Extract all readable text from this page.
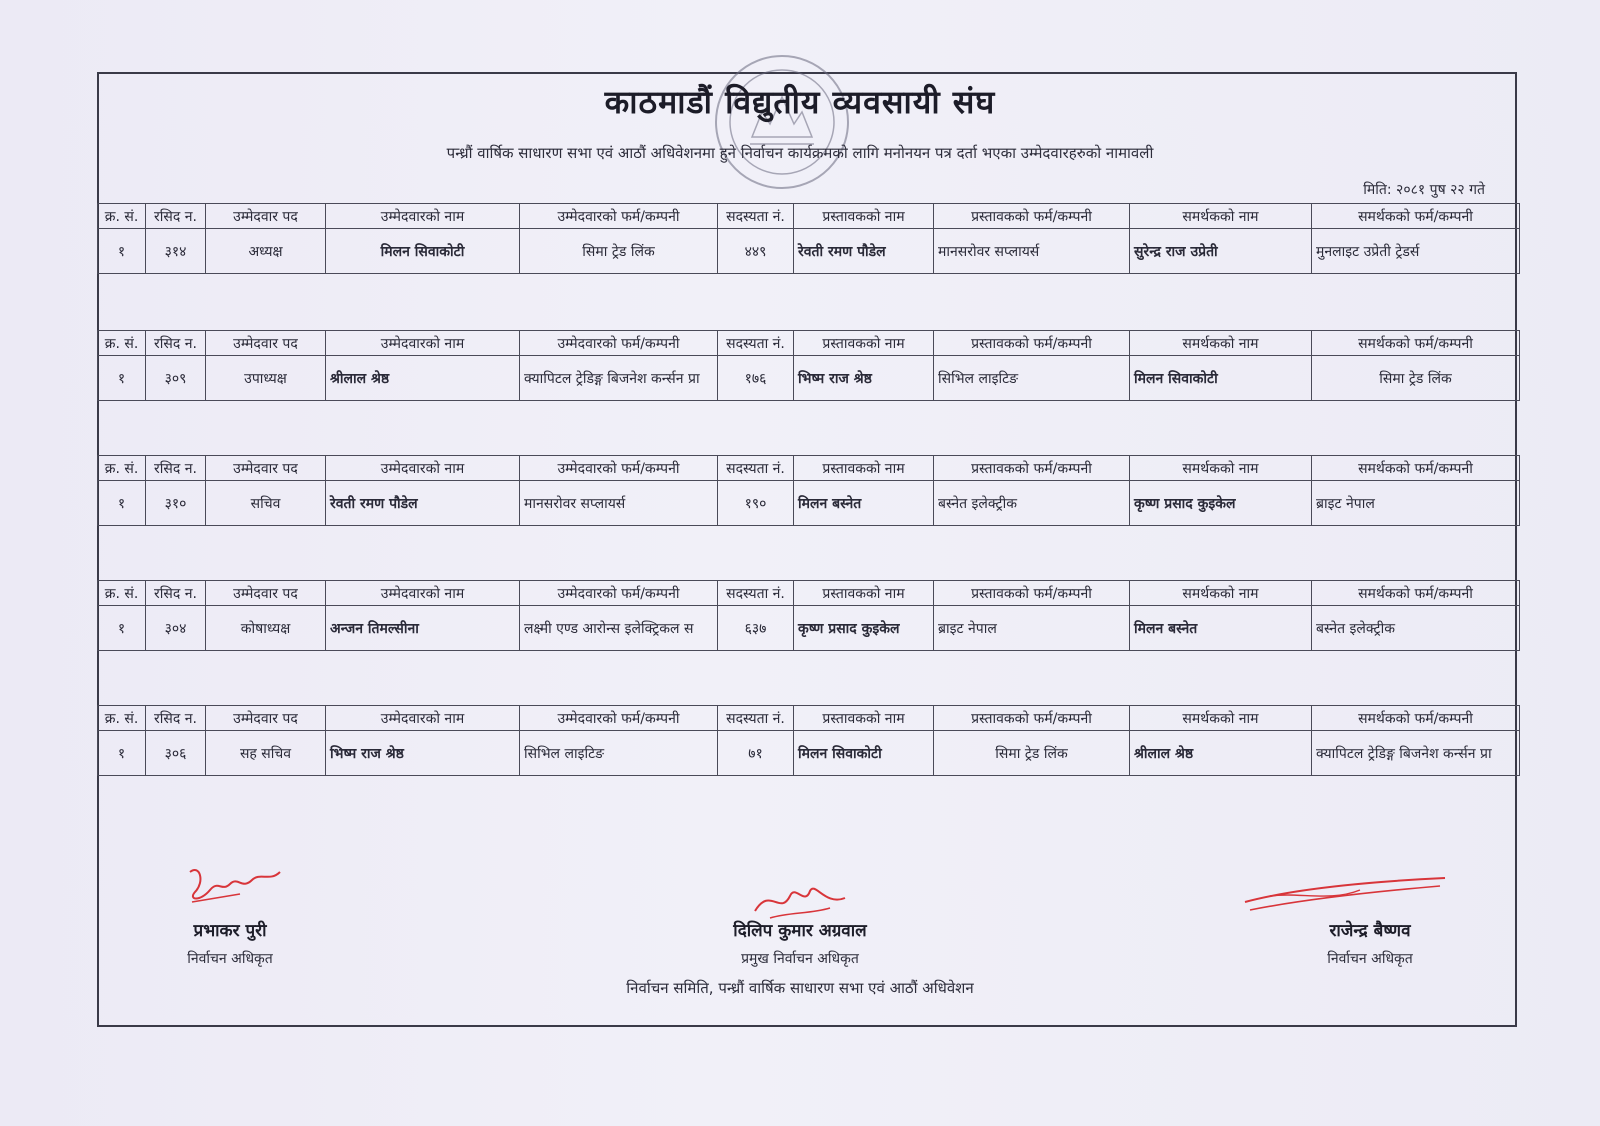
काठमाडौं विद्युतीय व्यवसायी संघ
पन्ध्रौं वार्षिक साधारण सभा एवं आठौं अधिवेशनमा हुने निर्वाचन कार्यक्रमको लागि मनोनयन पत्र दर्ता भएका उम्मेदवारहरुको नामावली
मिति: २०८१ पुष २२ गते
क्र. सं.	रसिद न.	उम्मेदवार पद	उम्मेदवारको नाम	उम्मेदवारको फर्म/कम्पनी	सदस्यता नं.	प्रस्तावकको नाम	प्रस्तावकको फर्म/कम्पनी	समर्थकको नाम	समर्थकको फर्म/कम्पनी
१	३१४	अध्यक्ष	मिलन सिवाकोटी	सिमा ट्रेड लिंक	४४९	रेवती रमण पौडेल	मानसरोवर सप्लायर्स	सुरेन्द्र राज उप्रेती	मुनलाइट उप्रेती ट्रेडर्स
क्र. सं.	रसिद न.	उम्मेदवार पद	उम्मेदवारको नाम	उम्मेदवारको फर्म/कम्पनी	सदस्यता नं.	प्रस्तावकको नाम	प्रस्तावकको फर्म/कम्पनी	समर्थकको नाम	समर्थकको फर्म/कम्पनी
१	३०९	उपाध्यक्ष	श्रीलाल श्रेष्ठ	क्यापिटल ट्रेडिङ्ग बिजनेश कर्न्सन प्रा	१७६	भिष्म राज श्रेष्ठ	सिभिल लाइटिङ	मिलन सिवाकोटी	सिमा ट्रेड लिंक
क्र. सं.	रसिद न.	उम्मेदवार पद	उम्मेदवारको नाम	उम्मेदवारको फर्म/कम्पनी	सदस्यता नं.	प्रस्तावकको नाम	प्रस्तावकको फर्म/कम्पनी	समर्थकको नाम	समर्थकको फर्म/कम्पनी
१	३१०	सचिव	रेवती रमण पौडेल	मानसरोवर सप्लायर्स	१९०	मिलन बस्नेत	बस्नेत इलेक्ट्रीक	कृष्ण प्रसाद कुइकेल	ब्राइट नेपाल
क्र. सं.	रसिद न.	उम्मेदवार पद	उम्मेदवारको नाम	उम्मेदवारको फर्म/कम्पनी	सदस्यता नं.	प्रस्तावकको नाम	प्रस्तावकको फर्म/कम्पनी	समर्थकको नाम	समर्थकको फर्म/कम्पनी
१	३०४	कोषाध्यक्ष	अन्जन तिमल्सीना	लक्ष्मी एण्ड आरोन्स इलेक्ट्रिकल स	६३७	कृष्ण प्रसाद कुइकेल	ब्राइट नेपाल	मिलन बस्नेत	बस्नेत इलेक्ट्रीक
क्र. सं.	रसिद न.	उम्मेदवार पद	उम्मेदवारको नाम	उम्मेदवारको फर्म/कम्पनी	सदस्यता नं.	प्रस्तावकको नाम	प्रस्तावकको फर्म/कम्पनी	समर्थकको नाम	समर्थकको फर्म/कम्पनी
१	३०६	सह सचिव	भिष्म राज श्रेष्ठ	सिभिल लाइटिङ	७१	मिलन सिवाकोटी	सिमा ट्रेड लिंक	श्रीलाल श्रेष्ठ	क्यापिटल ट्रेडिङ्ग बिजनेश कर्न्सन प्रा
प्रभाकर पुरी
निर्वाचन अधिकृत
दिलिप कुमार अग्रवाल
प्रमुख निर्वाचन अधिकृत
राजेन्द्र बैष्णव
निर्वाचन अधिकृत
निर्वाचन समिति, पन्ध्रौं वार्षिक साधारण सभा एवं आठौं अधिवेशन
